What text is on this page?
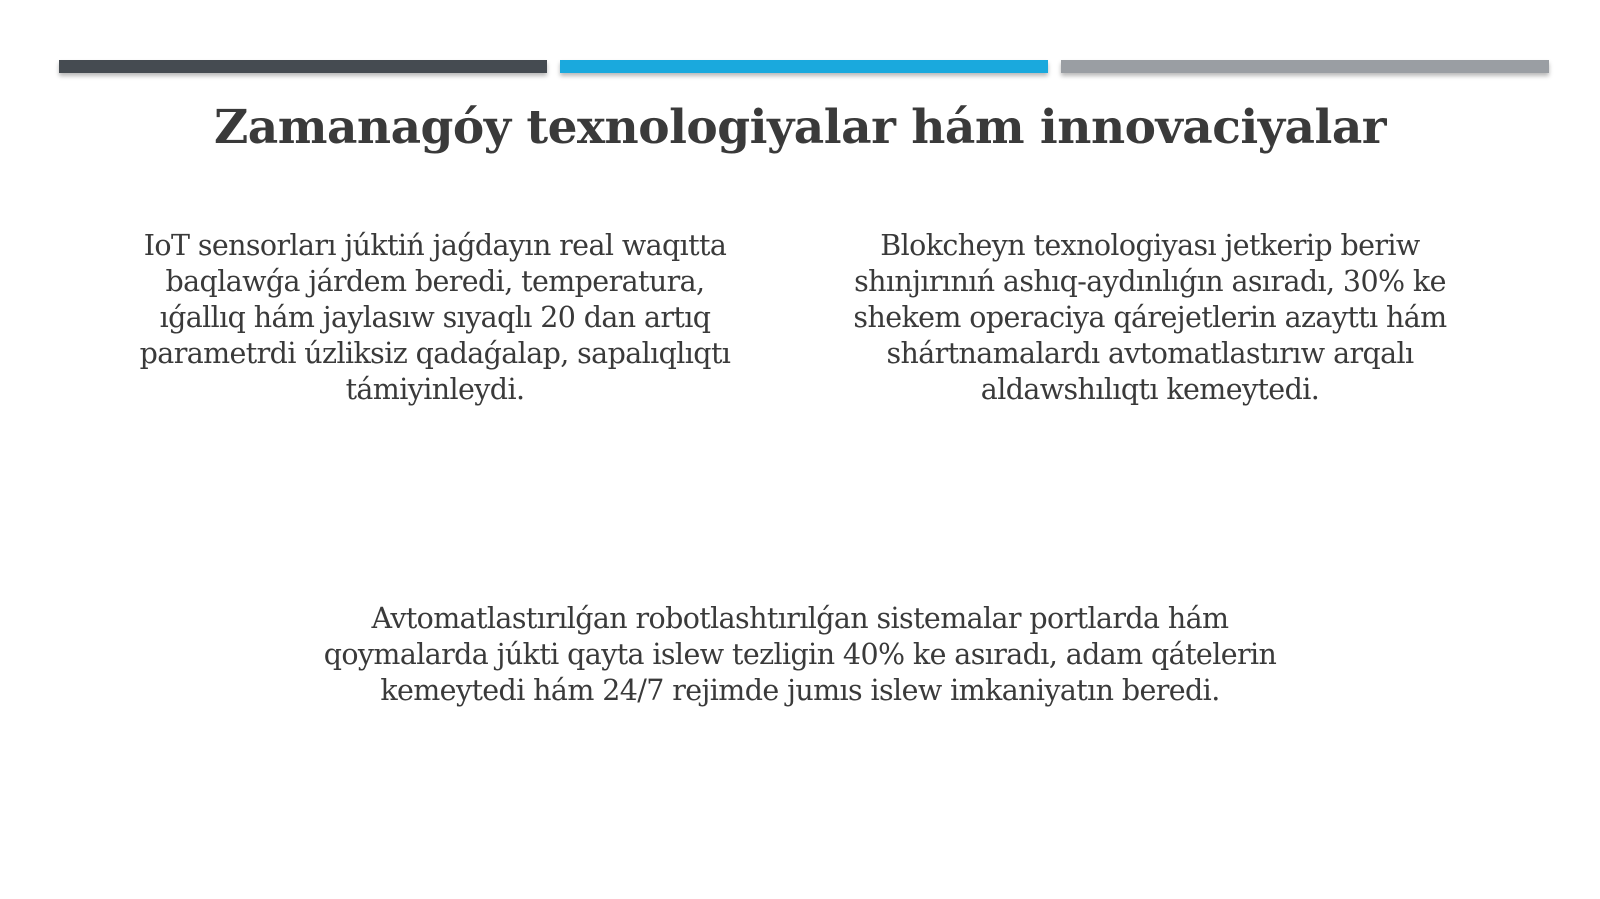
Zamanagóy texnologiyalar hám innovaciyalar

IoT sensorları júktiń jaǵdayın real waqıtta
baqlawǵa járdem beredi, temperatura,
ıǵallıq hám jaylasıw sıyaqlı 20 dan artıq
parametrdi úzliksiz qadaǵalap, sapalıqlıqtı
támiyinleydi.

Blokcheyn texnologiyası jetkerip beriw
shınjırınıń ashıq-aydınlıǵın asıradı, 30% ke
shekem operaciya qárejetlerin azayttı hám
shártnamalardı avtomatlastırıw arqalı
aldawshılıqtı kemeytedi.

Avtomatlastırılǵan robotlashtırılǵan sistemalar portlarda hám
qoymalarda júkti qayta islew tezligin 40% ke asıradı, adam qátelerin
kemeytedi hám 24/7 rejimde jumıs islew imkaniyatın beredi.
